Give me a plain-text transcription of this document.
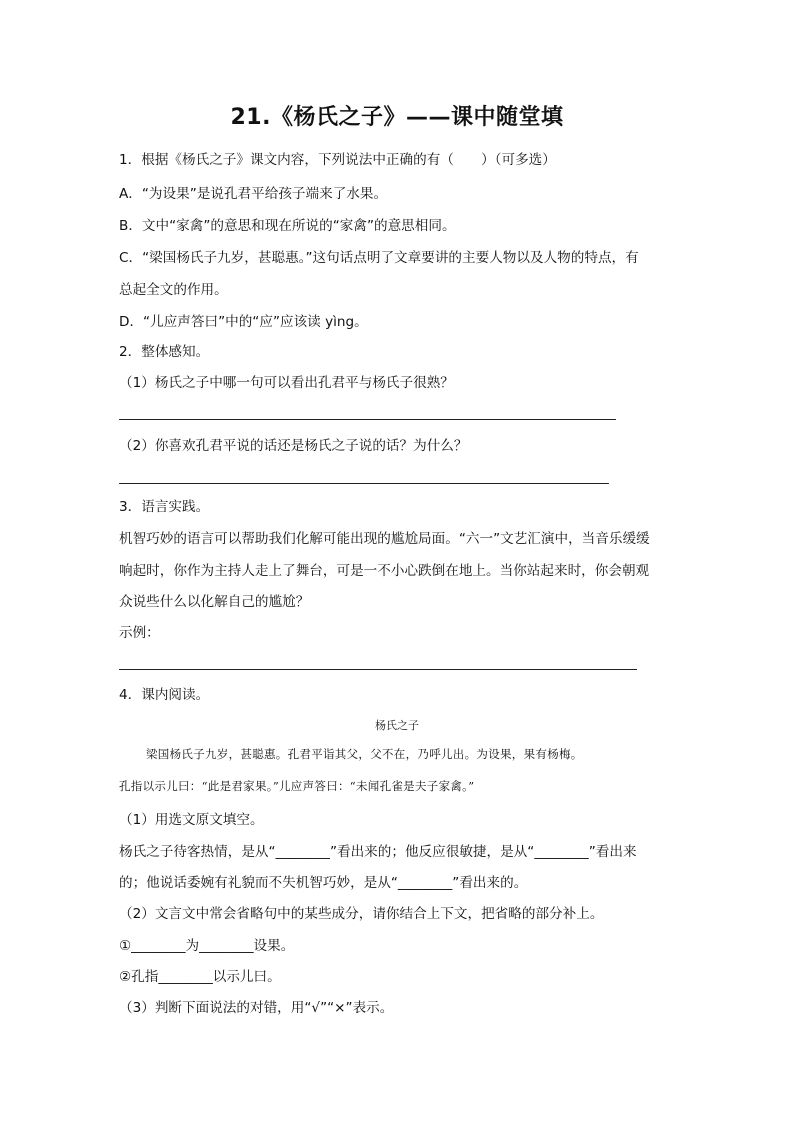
21.《杨氏之子》——课中随堂填
1．根据《杨氏之子》课文内容，下列说法中正确的有（　　）（可多选）
A．“为设果”是说孔君平给孩子端来了水果。
B．文中“家禽”的意思和现在所说的“家禽”的意思相同。
C．“梁国杨氏子九岁，甚聪惠。”这句话点明了文章要讲的主要人物以及人物的特点，有
总起全文的作用。
D．“儿应声答曰”中的“应”应该读 yìng。
2．整体感知。
（1）杨氏之子中哪一句可以看出孔君平与杨氏子很熟？
（2）你喜欢孔君平说的话还是杨氏之子说的话？为什么？
3．语言实践。
机智巧妙的语言可以帮助我们化解可能出现的尴尬局面。“六一”文艺汇演中，当音乐缓缓
响起时，你作为主持人走上了舞台，可是一不小心跌倒在地上。当你站起来时，你会朝观
众说些什么以化解自己的尴尬？
示例：
4．课内阅读。
杨氏之子
梁国杨氏子九岁，甚聪惠。孔君平诣其父，父不在，乃呼儿出。为设果，果有杨梅。
孔指以示儿曰：“此是君家果。”儿应声答曰：“未闻孔雀是夫子家禽。”
（1）用选文原文填空。
杨氏之子待客热情，是从“________”看出来的；他反应很敏捷，是从“________”看出来
的；他说话委婉有礼貌而不失机智巧妙，是从“________”看出来的。
（2）文言文中常会省略句中的某些成分，请你结合上下文，把省略的部分补上。
①________为________设果。
②孔指________以示儿曰。
（3）判断下面说法的对错，用“√”“×”表示。
